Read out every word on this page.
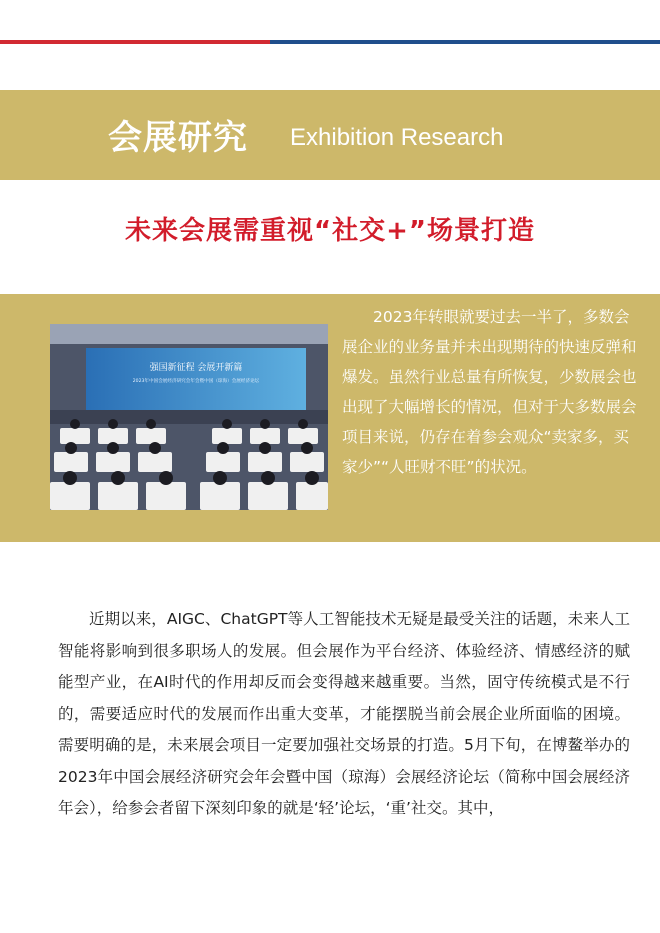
会展研究 Exhibition Research
未来会展需重视“社交+”场景打造
强国新征程 会展开新篇
2023年中国会展经济研究会年会暨中国（琼海）会展经济论坛

2023年转眼就要过去一半了，多数会展企业的业务量并未出现期待的快速反弹和爆发。虽然行业总量有所恢复，少数展会也出现了大幅增长的情况，但对于大多数展会项目来说，仍存在着参会观众“卖家多，买家少”“人旺财不旺”的状况。

近期以来，AIGC、ChatGPT等人工智能技术无疑是最受关注的话题，未来人工智能将影响到很多职场人的发展。但会展作为平台经济、体验经济、情感经济的赋能型产业，在AI时代的作用却反而会变得越来越重要。当然，固守传统模式是不行的，需要适应时代的发展而作出重大变革，才能摆脱当前会展企业所面临的困境。需要明确的是，未来展会项目一定要加强社交场景的打造。5月下旬，在博鳌举办的2023年中国会展经济研究会年会暨中国（琼海）会展经济论坛（简称中国会展经济年会），给参会者留下深刻印象的就是‘轻’论坛，‘重’社交。其中，
